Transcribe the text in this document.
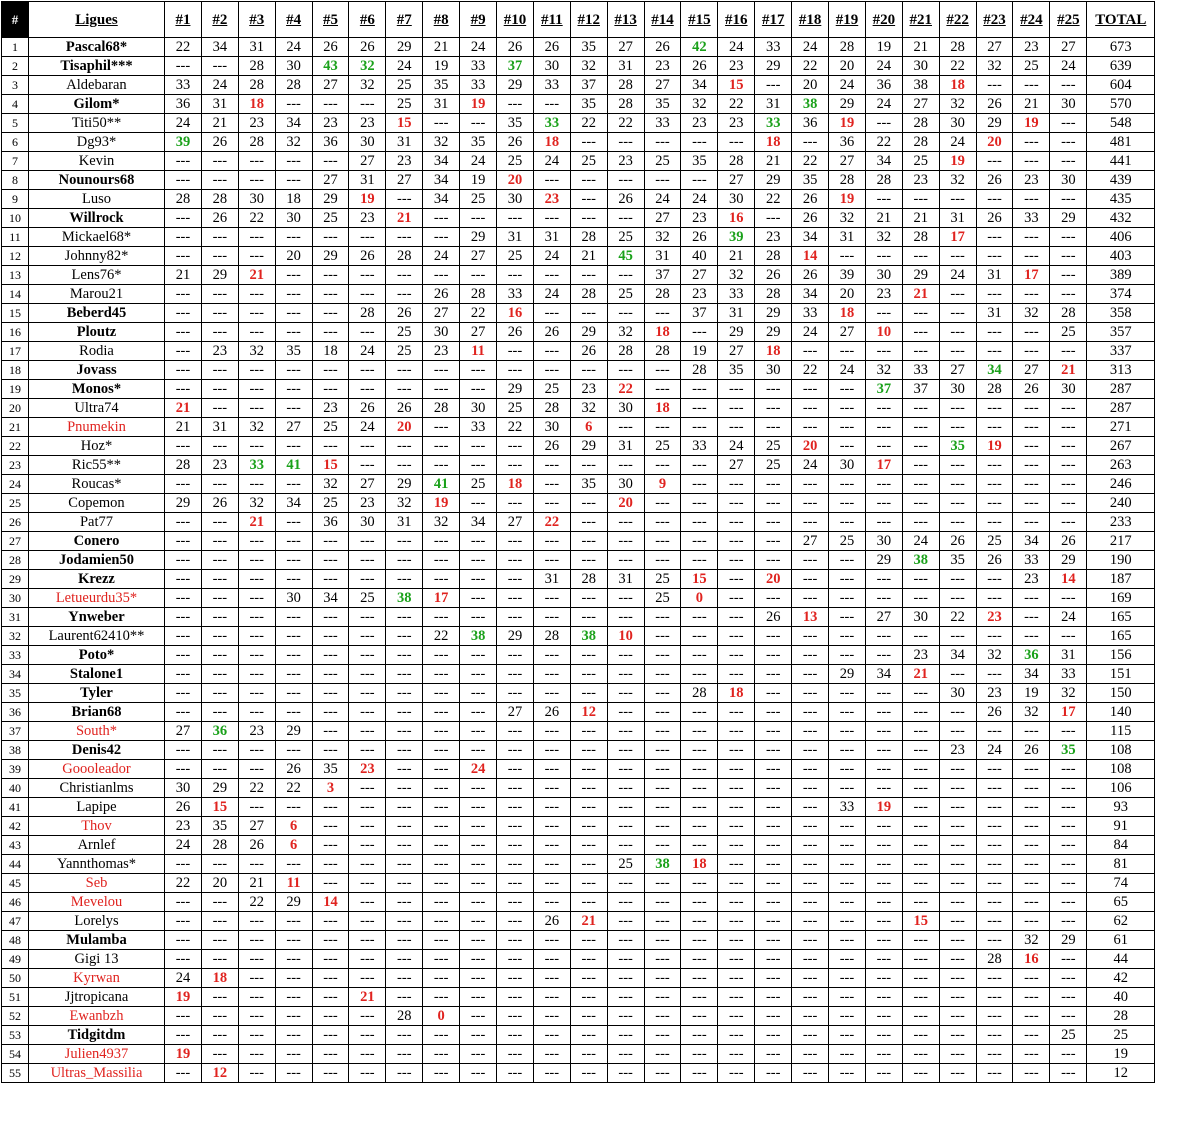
#	Ligues	#1	#2	#3	#4	#5	#6	#7	#8	#9	#10	#11	#12	#13	#14	#15	#16	#17	#18	#19	#20	#21	#22	#23	#24	#25	TOTAL
1	Pascal68*	22	34	31	24	26	26	29	21	24	26	26	35	27	26	42	24	33	24	28	19	21	28	27	23	27	673
2	Tisaphil***	---	---	28	30	43	32	24	19	33	37	30	32	31	23	26	23	29	22	20	24	30	22	32	25	24	639
3	Aldebaran	33	24	28	28	27	32	25	35	33	29	33	37	28	27	34	15	---	20	24	36	38	18	---	---	---	604
4	Gilom*	36	31	18	---	---	---	25	31	19	---	---	35	28	35	32	22	31	38	29	24	27	32	26	21	30	570
5	Titi50**	24	21	23	34	23	23	15	---	---	35	33	22	22	33	23	23	33	36	19	---	28	30	29	19	---	548
6	Dg93*	39	26	28	32	36	30	31	32	35	26	18	---	---	---	---	---	18	---	36	22	28	24	20	---	---	481
7	Kevin	---	---	---	---	---	27	23	34	24	25	24	25	23	25	35	28	21	22	27	34	25	19	---	---	---	441
8	Nounours68	---	---	---	---	27	31	27	34	19	20	---	---	---	---	---	27	29	35	28	28	23	32	26	23	30	439
9	Luso	28	28	30	18	29	19	---	34	25	30	23	---	26	24	24	30	22	26	19	---	---	---	---	---	---	435
10	Willrock	---	26	22	30	25	23	21	---	---	---	---	---	---	27	23	16	---	26	32	21	21	31	26	33	29	432
11	Mickael68*	---	---	---	---	---	---	---	---	29	31	31	28	25	32	26	39	23	34	31	32	28	17	---	---	---	406
12	Johnny82*	---	---	---	20	29	26	28	24	27	25	24	21	45	31	40	21	28	14	---	---	---	---	---	---	---	403
13	Lens76*	21	29	21	---	---	---	---	---	---	---	---	---	---	37	27	32	26	26	39	30	29	24	31	17	---	389
14	Marou21	---	---	---	---	---	---	---	26	28	33	24	28	25	28	23	33	28	34	20	23	21	---	---	---	---	374
15	Beberd45	---	---	---	---	---	28	26	27	22	16	---	---	---	---	37	31	29	33	18	---	---	---	31	32	28	358
16	Ploutz	---	---	---	---	---	---	25	30	27	26	26	29	32	18	---	29	29	24	27	10	---	---	---	---	25	357
17	Rodia	---	23	32	35	18	24	25	23	11	---	---	26	28	28	19	27	18	---	---	---	---	---	---	---	---	337
18	Jovass	---	---	---	---	---	---	---	---	---	---	---	---	---	---	28	35	30	22	24	32	33	27	34	27	21	313
19	Monos*	---	---	---	---	---	---	---	---	---	29	25	23	22	---	---	---	---	---	---	37	37	30	28	26	30	287
20	Ultra74	21	---	---	---	23	26	26	28	30	25	28	32	30	18	---	---	---	---	---	---	---	---	---	---	---	287
21	Pnumekin	21	31	32	27	25	24	20	---	33	22	30	6	---	---	---	---	---	---	---	---	---	---	---	---	---	271
22	Hoz*	---	---	---	---	---	---	---	---	---	---	26	29	31	25	33	24	25	20	---	---	---	35	19	---	---	267
23	Ric55**	28	23	33	41	15	---	---	---	---	---	---	---	---	---	---	27	25	24	30	17	---	---	---	---	---	263
24	Roucas*	---	---	---	---	32	27	29	41	25	18	---	35	30	9	---	---	---	---	---	---	---	---	---	---	---	246
25	Copemon	29	26	32	34	25	23	32	19	---	---	---	---	20	---	---	---	---	---	---	---	---	---	---	---	---	240
26	Pat77	---	---	21	---	36	30	31	32	34	27	22	---	---	---	---	---	---	---	---	---	---	---	---	---	---	233
27	Conero	---	---	---	---	---	---	---	---	---	---	---	---	---	---	---	---	---	27	25	30	24	26	25	34	26	217
28	Jodamien50	---	---	---	---	---	---	---	---	---	---	---	---	---	---	---	---	---	---	---	29	38	35	26	33	29	190
29	Krezz	---	---	---	---	---	---	---	---	---	---	31	28	31	25	15	---	20	---	---	---	---	---	---	23	14	187
30	Letueurdu35*	---	---	---	30	34	25	38	17	---	---	---	---	---	25	0	---	---	---	---	---	---	---	---	---	---	169
31	Ynweber	---	---	---	---	---	---	---	---	---	---	---	---	---	---	---	---	26	13	---	27	30	22	23	---	24	165
32	Laurent62410**	---	---	---	---	---	---	---	22	38	29	28	38	10	---	---	---	---	---	---	---	---	---	---	---	---	165
33	Poto*	---	---	---	---	---	---	---	---	---	---	---	---	---	---	---	---	---	---	---	---	23	34	32	36	31	156
34	Stalone1	---	---	---	---	---	---	---	---	---	---	---	---	---	---	---	---	---	---	29	34	21	---	---	34	33	151
35	Tyler	---	---	---	---	---	---	---	---	---	---	---	---	---	---	28	18	---	---	---	---	---	30	23	19	32	150
36	Brian68	---	---	---	---	---	---	---	---	---	27	26	12	---	---	---	---	---	---	---	---	---	---	26	32	17	140
37	South*	27	36	23	29	---	---	---	---	---	---	---	---	---	---	---	---	---	---	---	---	---	---	---	---	---	115
38	Denis42	---	---	---	---	---	---	---	---	---	---	---	---	---	---	---	---	---	---	---	---	---	23	24	26	35	108
39	Gooolеador	---	---	---	26	35	23	---	---	24	---	---	---	---	---	---	---	---	---	---	---	---	---	---	---	---	108
40	Christianlms	30	29	22	22	3	---	---	---	---	---	---	---	---	---	---	---	---	---	---	---	---	---	---	---	---	106
41	Lapipe	26	15	---	---	---	---	---	---	---	---	---	---	---	---	---	---	---	---	33	19	---	---	---	---	---	93
42	Thov	23	35	27	6	---	---	---	---	---	---	---	---	---	---	---	---	---	---	---	---	---	---	---	---	---	91
43	Arnlef	24	28	26	6	---	---	---	---	---	---	---	---	---	---	---	---	---	---	---	---	---	---	---	---	---	84
44	Yannthomas*	---	---	---	---	---	---	---	---	---	---	---	---	25	38	18	---	---	---	---	---	---	---	---	---	---	81
45	Seb	22	20	21	11	---	---	---	---	---	---	---	---	---	---	---	---	---	---	---	---	---	---	---	---	---	74
46	Mevelou	---	---	22	29	14	---	---	---	---	---	---	---	---	---	---	---	---	---	---	---	---	---	---	---	---	65
47	Lorelys	---	---	---	---	---	---	---	---	---	---	26	21	---	---	---	---	---	---	---	---	15	---	---	---	---	62
48	Mulamba	---	---	---	---	---	---	---	---	---	---	---	---	---	---	---	---	---	---	---	---	---	---	---	32	29	61
49	Gigi 13	---	---	---	---	---	---	---	---	---	---	---	---	---	---	---	---	---	---	---	---	---	---	28	16	---	44
50	Kyrwan	24	18	---	---	---	---	---	---	---	---	---	---	---	---	---	---	---	---	---	---	---	---	---	---	---	42
51	Jjtropicana	19	---	---	---	---	21	---	---	---	---	---	---	---	---	---	---	---	---	---	---	---	---	---	---	---	40
52	Ewanbzh	---	---	---	---	---	---	28	0	---	---	---	---	---	---	---	---	---	---	---	---	---	---	---	---	---	28
53	Tidgitdm	---	---	---	---	---	---	---	---	---	---	---	---	---	---	---	---	---	---	---	---	---	---	---	---	25	25
54	Julien4937	19	---	---	---	---	---	---	---	---	---	---	---	---	---	---	---	---	---	---	---	---	---	---	---	---	19
55	Ultras_Massilia	---	12	---	---	---	---	---	---	---	---	---	---	---	---	---	---	---	---	---	---	---	---	---	---	---	12
